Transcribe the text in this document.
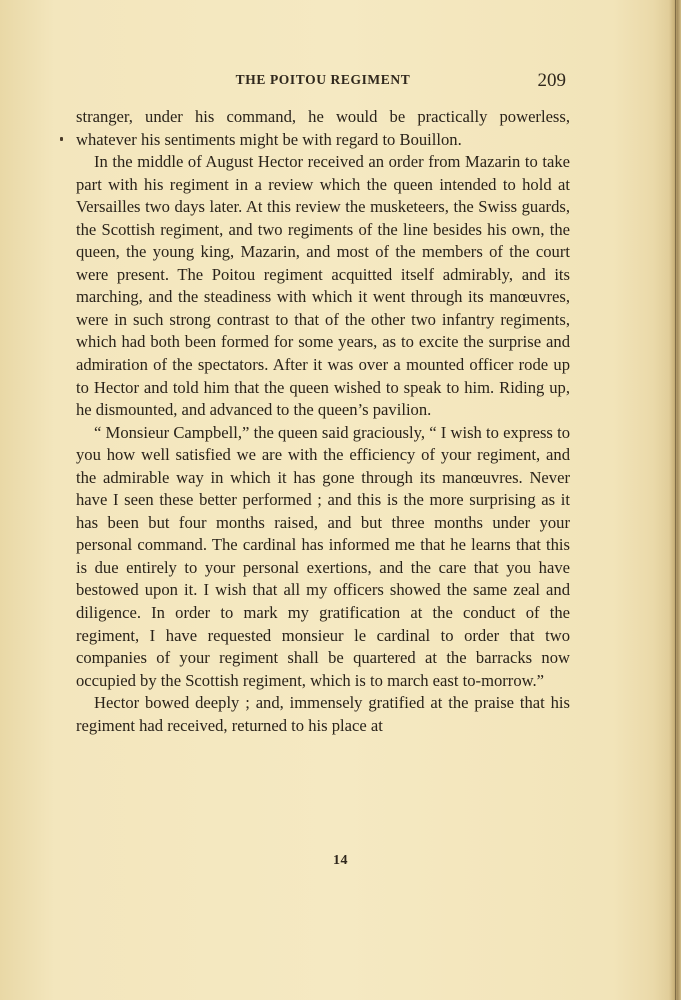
THE POITOU REGIMENT	209

stranger, under his command, he would be practically powerless, whatever his sentiments might be with regard to Bouillon.

In the middle of August Hector received an order from Mazarin to take part with his regiment in a review which the queen intended to hold at Versailles two days later. At this review the musketeers, the Swiss guards, the Scottish regiment, and two regiments of the line besides his own, the queen, the young king, Mazarin, and most of the members of the court were present. The Poitou regiment acquitted itself admirably, and its marching, and the steadiness with which it went through its manœuvres, were in such strong contrast to that of the other two infantry regiments, which had both been formed for some years, as to excite the surprise and admiration of the spectators. After it was over a mounted officer rode up to Hector and told him that the queen wished to speak to him. Riding up, he dismounted, and advanced to the queen’s pavilion.

“ Monsieur Campbell,” the queen said graciously, “ I wish to express to you how well satisfied we are with the efficiency of your regiment, and the admirable way in which it has gone through its manœuvres. Never have I seen these better performed ; and this is the more surprising as it has been but four months raised, and but three months under your personal command. The cardinal has informed me that he learns that this is due entirely to your personal exertions, and the care that you have bestowed upon it. I wish that all my officers showed the same zeal and diligence. In order to mark my gratification at the conduct of the regiment, I have requested monsieur le cardinal to order that two companies of your regiment shall be quartered at the barracks now occupied by the Scottish regiment, which is to march east to-morrow.”

Hector bowed deeply ; and, immensely gratified at the praise that his regiment had received, returned to his place at

14
